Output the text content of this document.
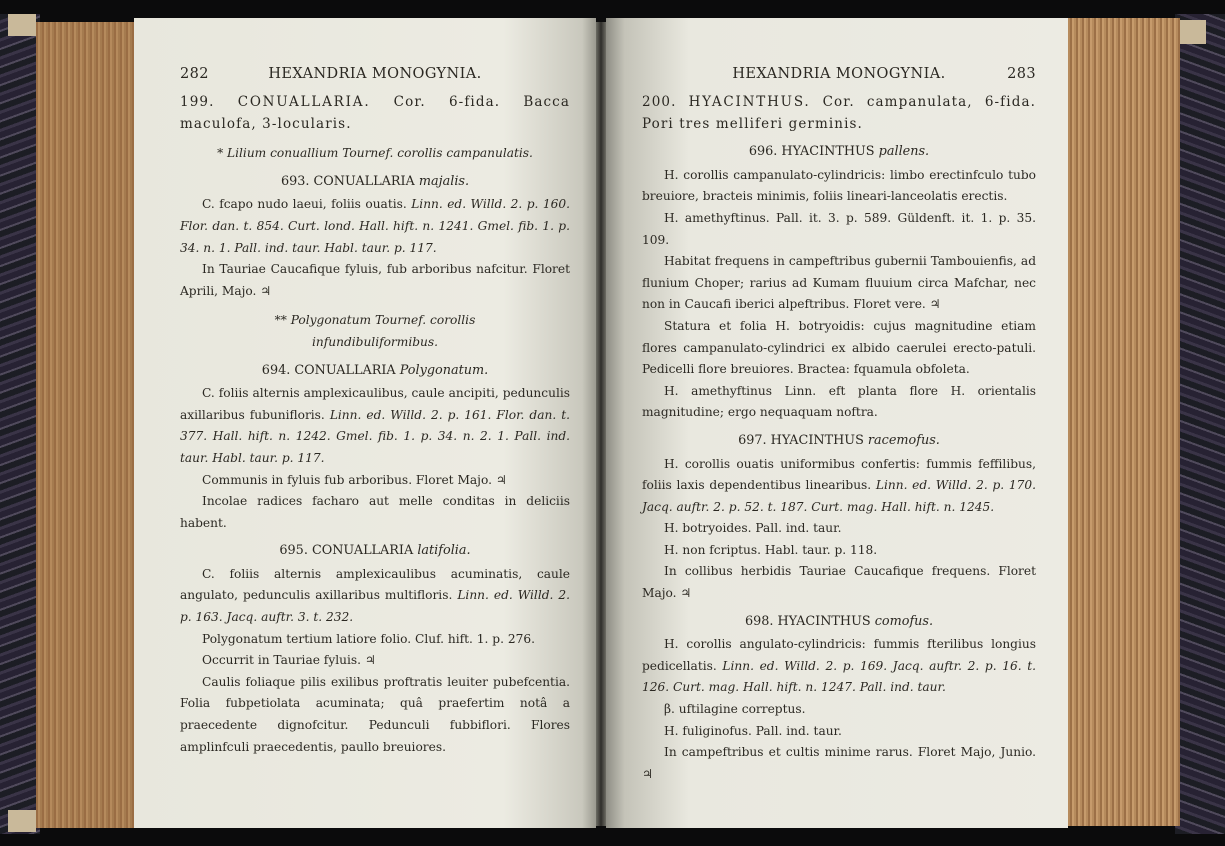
282	HEXANDRIA MONOGYNIA.

199. CONUALLARIA. Cor. 6-fida. Bacca maculofa, 3-locularis.

* Lilium conuallium Tournef. corollis campanulatis.

693. CONUALLARIA majalis.

C. fcapo nudo laeui, foliis ouatis. Linn. ed. Willd. 2. p. 160. Flor. dan. t. 854. Curt. lond. Hall. hift. n. 1241. Gmel. fib. 1. p. 34. n. 1. Pall. ind. taur. Habl. taur. p. 117.

In Tauriae Caucafique fyluis, fub arboribus nafcitur. Floret Aprili, Majo. ♃

** Polygonatum Tournef. corollis infundibuliformibus.

694. CONUALLARIA Polygonatum.

C. foliis alternis amplexicaulibus, caule ancipiti, pedunculis axillaribus fubunifloris. Linn. ed. Willd. 2. p. 161. Flor. dan. t. 377. Hall. hift. n. 1242. Gmel. fib. 1. p. 34. n. 2. 1. Pall. ind. taur. Habl. taur. p. 117.

Communis in fyluis fub arboribus. Floret Majo. ♃

Incolae radices facharo aut melle conditas in deliciis habent.

695. CONUALLARIA latifolia.

C. foliis alternis amplexicaulibus acuminatis, caule angulato, pedunculis axillaribus multifloris. Linn. ed. Willd. 2. p. 163. Jacq. auftr. 3. t. 232.

Polygonatum tertium latiore folio. Cluf. hift. 1. p. 276.

Occurrit in Tauriae fyluis. ♃

Caulis foliaque pilis exilibus proftratis leuiter pubefcentia. Folia fubpetiolata acuminata; quâ praefertim notâ a praecedente dignofcitur. Pedunculi fubbiflori. Flores amplinfculi praecedentis, paullo breuiores.

HEXANDRIA MONOGYNIA.	283

200. HYACINTHUS. Cor. campanulata, 6-fida. Pori tres melliferi germinis.

696. HYACINTHUS pallens.

H. corollis campanulato-cylindricis: limbo erectinfculo tubo breuiore, bracteis minimis, foliis lineari-lanceolatis erectis.

H. amethyftinus. Pall. it. 3. p. 589. Güldenft. it. 1. p. 35. 109.

Habitat frequens in campeftribus gubernii Tambouienfis, ad flunium Choper; rarius ad Kumam fluuium circa Mafchar, nec non in Caucafi iberici alpeftribus. Floret vere. ♃

Statura et folia H. botryoidis: cujus magnitudine etiam flores campanulato-cylindrici ex albido caerulei erecto-patuli. Pedicelli flore breuiores. Bractea: fquamula obfoleta.

H. amethyftinus Linn. eft planta flore H. orientalis magnitudine; ergo nequaquam noftra.

697. HYACINTHUS racemofus.

H. corollis ouatis uniformibus confertis: fummis feffilibus, foliis laxis dependentibus linearibus. Linn. ed. Willd. 2. p. 170. Jacq. auftr. 2. p. 52. t. 187. Curt. mag. Hall. hift. n. 1245.

H. botryoides. Pall. ind. taur.

H. non fcriptus. Habl. taur. p. 118.

In collibus herbidis Tauriae Caucafique frequens. Floret Majo. ♃

698. HYACINTHUS comofus.

H. corollis angulato-cylindricis: fummis fterilibus longius pedicellatis. Linn. ed. Willd. 2. p. 169. Jacq. auftr. 2. p. 16. t. 126. Curt. mag. Hall. hift. n. 1247. Pall. ind. taur.

β. uftilagine correptus.

H. fuliginofus. Pall. ind. taur.

In campeftribus et cultis minime rarus. Floret Majo, Junio. ♃
